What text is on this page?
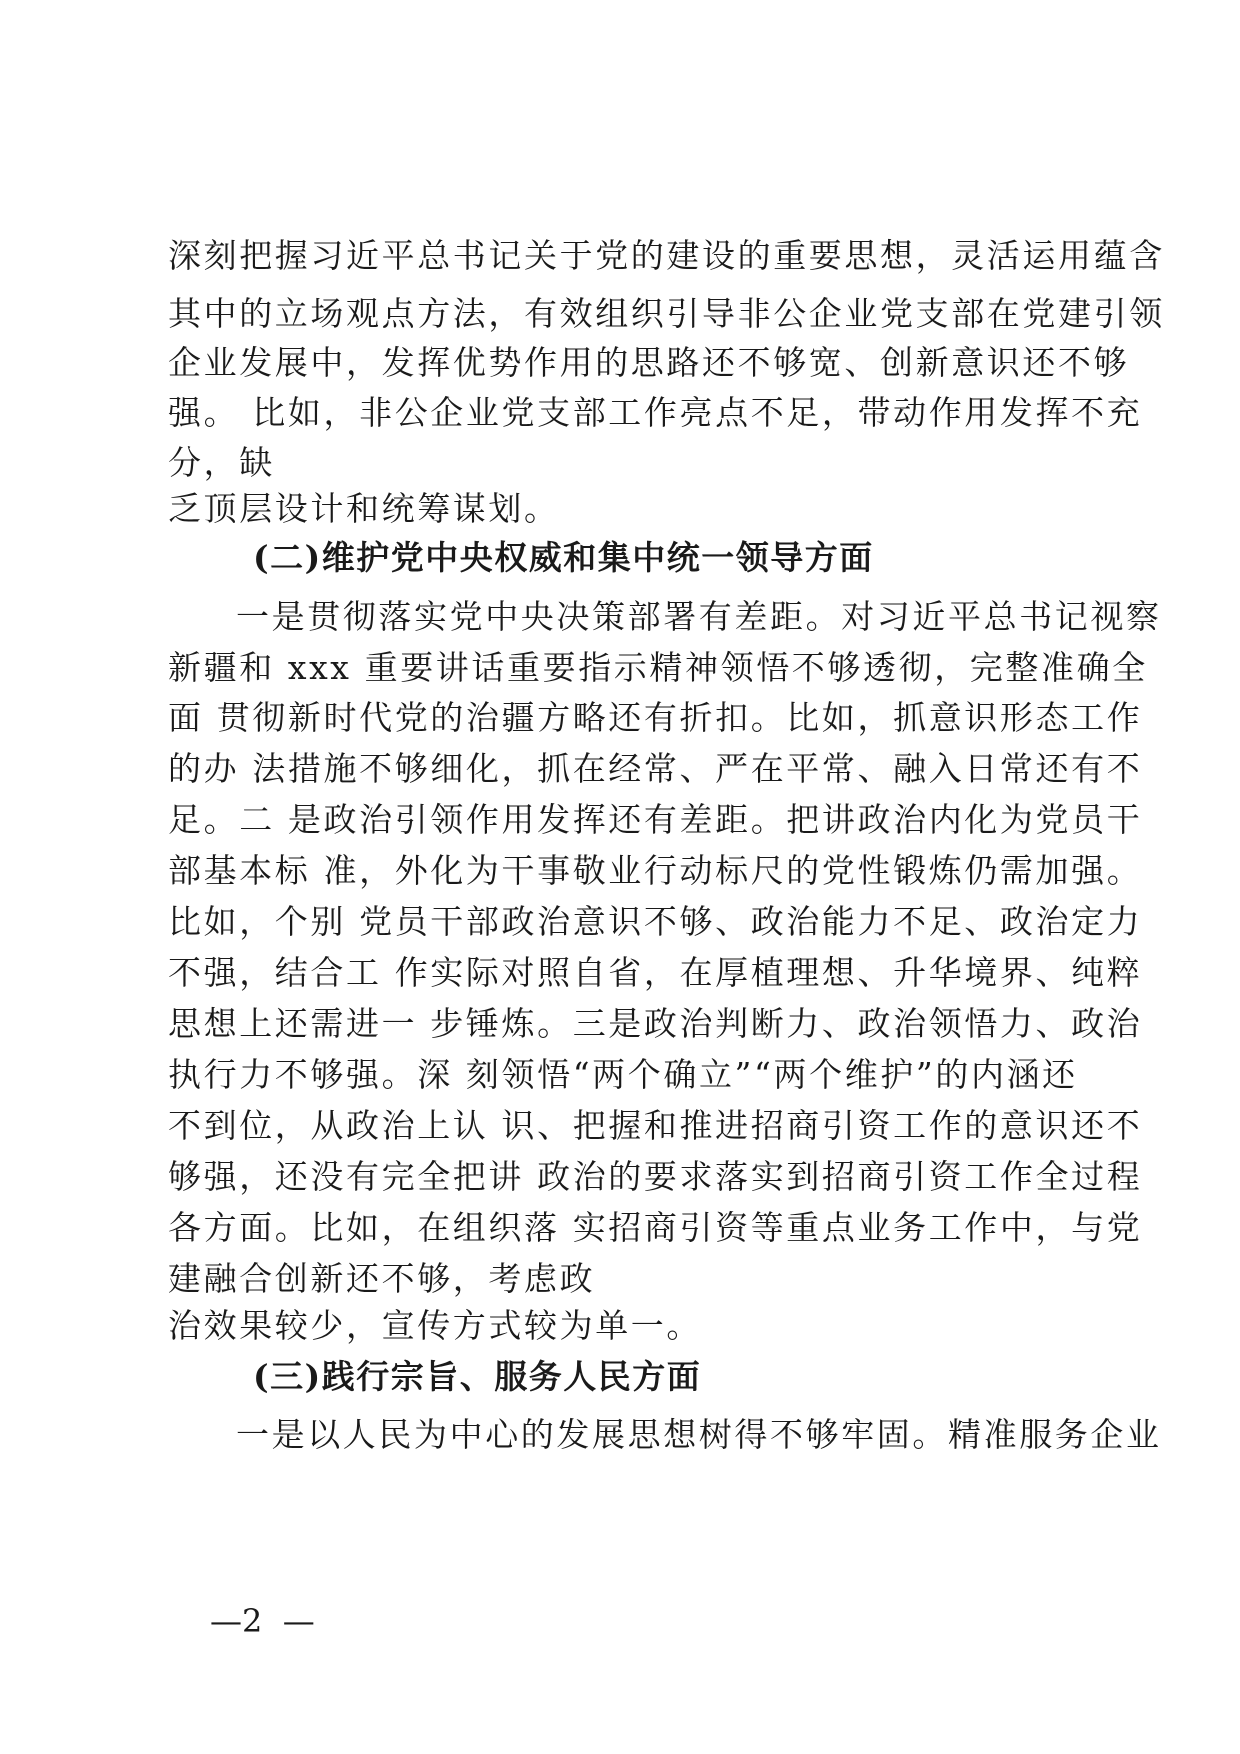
深刻把握习近平总书记关于党的建设的重要思想，灵活运用蕴含
其中的立场观点方法，有效组织引导非公企业党支部在党建引领
企业发展中，发挥优势作用的思路还不够宽、创新意识还不够
强。 比如，非公企业党支部工作亮点不足，带动作用发挥不充
分，缺
乏顶层设计和统筹谋划。
(二)维护党中央权威和集中统一领导方面
一是贯彻落实党中央决策部署有差距。对习近平总书记视察
新疆和 xxx 重要讲话重要指示精神领悟不够透彻，完整准确全
面 贯彻新时代党的治疆方略还有折扣。比如，抓意识形态工作
的办 法措施不够细化，抓在经常、严在平常、融入日常还有不
足。二 是政治引领作用发挥还有差距。把讲政治内化为党员干
部基本标 准，外化为干事敬业行动标尺的党性锻炼仍需加强。
比如，个别 党员干部政治意识不够、政治能力不足、政治定力
不强，结合工 作实际对照自省，在厚植理想、升华境界、纯粹
思想上还需进一 步锤炼。三是政治判断力、政治领悟力、政治
执行力不够强。深 刻领悟“两个确立”“两个维护”的内涵还
不到位，从政治上认 识、把握和推进招商引资工作的意识还不
够强，还没有完全把讲 政治的要求落实到招商引资工作全过程
各方面。比如，在组织落 实招商引资等重点业务工作中，与党
建融合创新还不够，考虑政
治效果较少，宣传方式较为单一。
(三)践行宗旨、服务人民方面
一是以人民为中心的发展思想树得不够牢固。精准服务企业
—2  —
